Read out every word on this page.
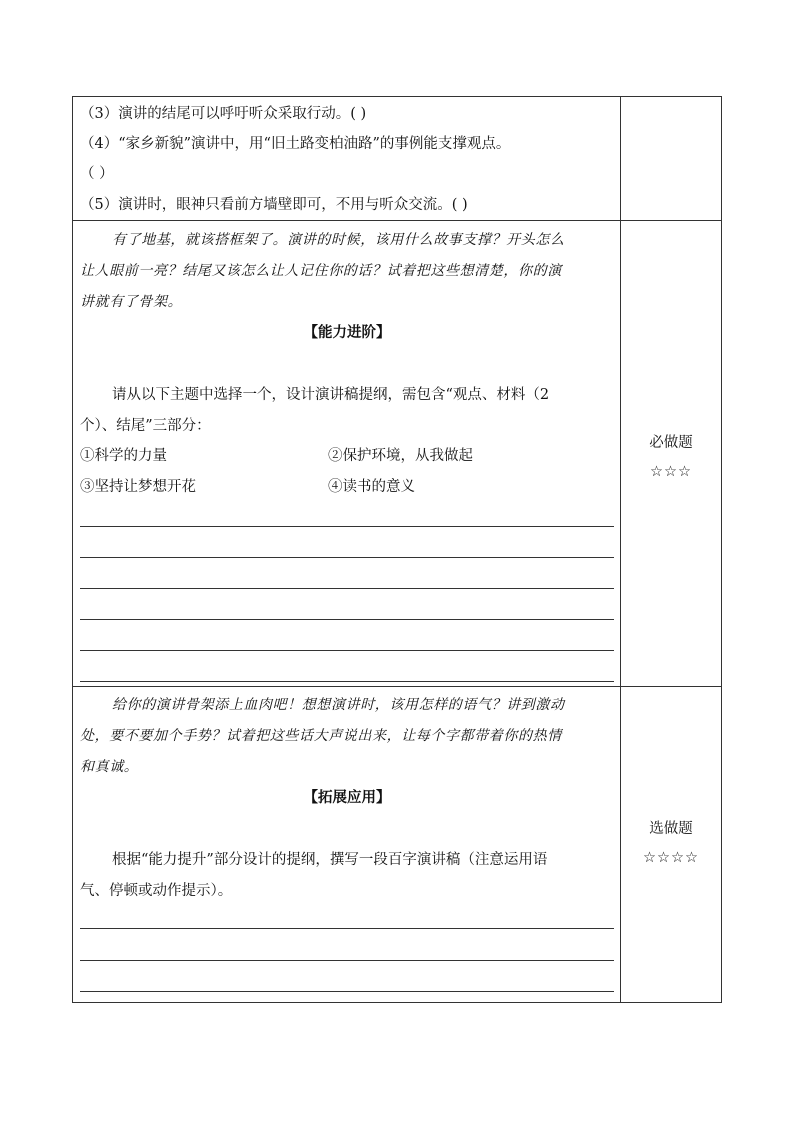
（3）演讲的结尾可以呼吁听众采取行动。( )
（4）“家乡新貌”演讲中，用“旧土路变柏油路”的事例能支撑观点。
（ ）
（5）演讲时，眼神只看前方墙壁即可，不用与听众交流。( )
有了地基，就该搭框架了。演讲的时候，该用什么故事支撑？开头怎么
让人眼前一亮？结尾又该怎么让人记住你的话？试着把这些想清楚，你的演
讲就有了骨架。
【能力进阶】
请从以下主题中选择一个，设计演讲稿提纲，需包含“观点、材料（2
个）、结尾”三部分：
①科学的力量	②保护环境，从我做起
③坚持让梦想开花	④读书的意义
必做题
☆☆☆
给你的演讲骨架添上血肉吧！想想演讲时，该用怎样的语气？讲到激动
处，要不要加个手势？试着把这些话大声说出来，让每个字都带着你的热情
和真诚。
【拓展应用】
根据“能力提升”部分设计的提纲，撰写一段百字演讲稿（注意运用语
气、停顿或动作提示）。
选做题
☆☆☆☆
